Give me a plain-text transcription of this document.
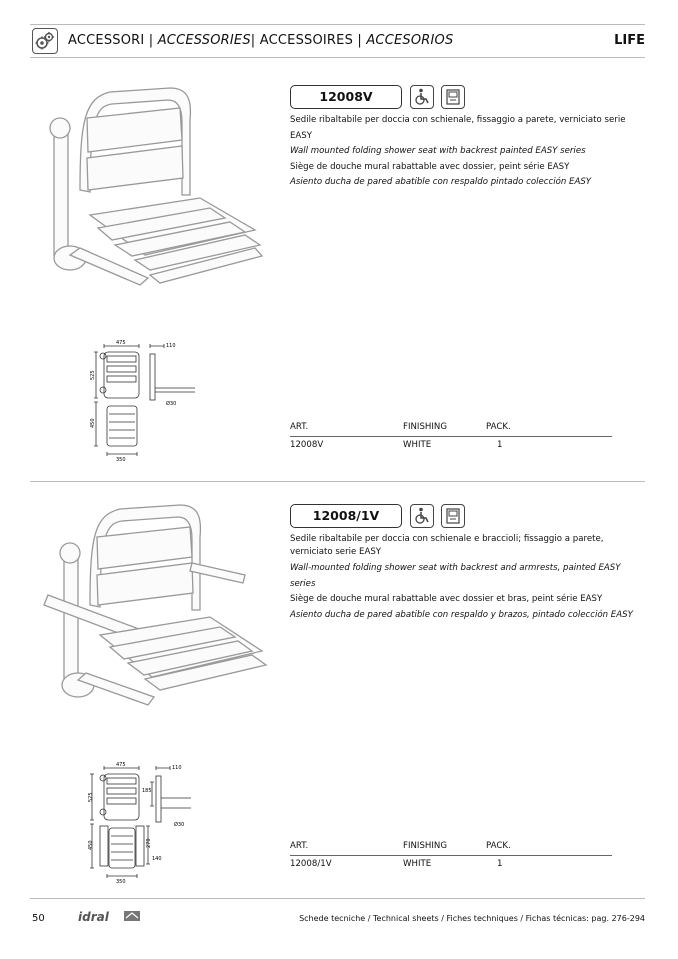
ACCESSORI | ACCESSORIES| ACCESSOIRES | ACCESORIOS	LIFE
12008V
Sedile ribaltabile per doccia con schienale, fissaggio a parete, verniciato serie EASY
Wall mounted folding shower seat with backrest painted EASY series
Siège de douche mural rabattable avec dossier, peint série EASY
Asiento ducha de pared abatible con respaldo pintado colección EASY
475	110
525
450
Ø30
350
ART.	FINISHING	PACK.
12008V	WHITE	1
12008/1V
Sedile ribaltabile per doccia con schienale e braccioli; fissaggio a parete, verniciato serie EASY
Wall-mounted folding shower seat with backrest and armrests, painted EASY series
Siège de douche mural rabattable avec dossier et bras, peint série EASY
Asiento ducha de pared abatible con respaldo y brazos, pintado colección EASY
475	110
525
450
185
Ø30
270
140
350
ART.	FINISHING	PACK.
12008/1V	WHITE	1
50	idral	Schede tecniche / Technical sheets / Fiches techniques / Fichas técnicas: pag. 276-294
